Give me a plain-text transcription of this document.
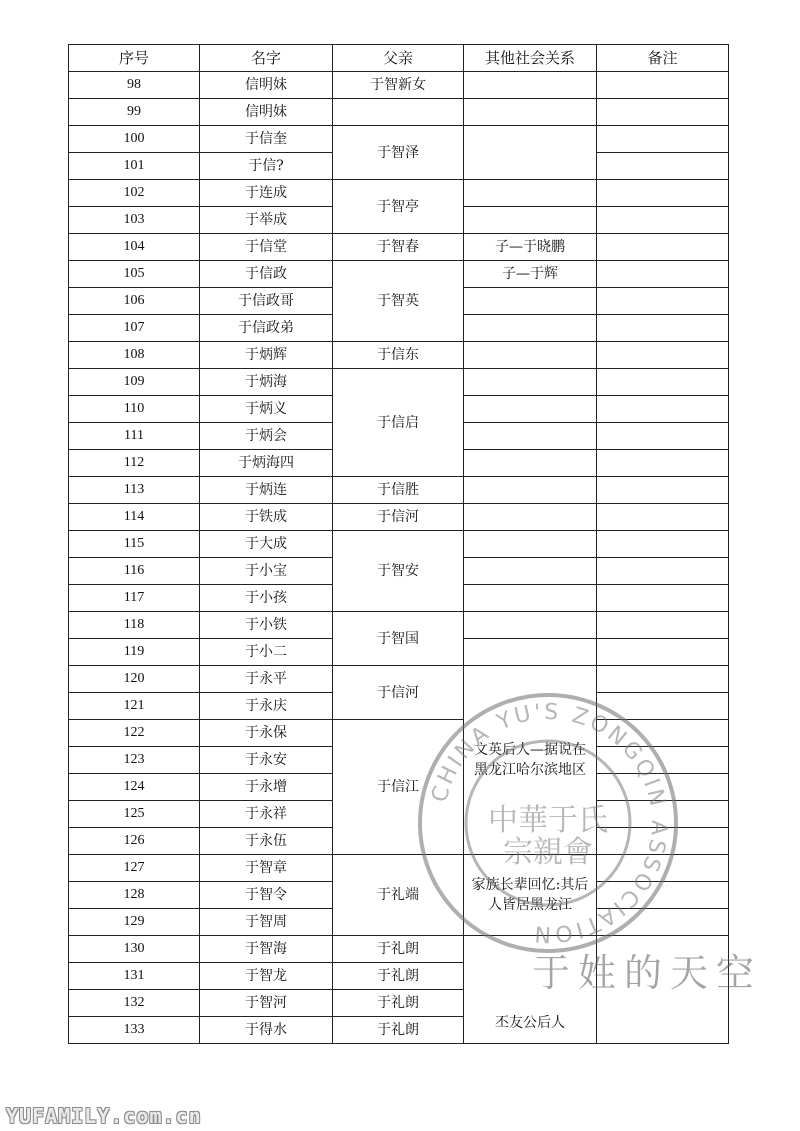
序号	名字	父亲	其他社会关系	备注
98	信明妹	于智新女		
99	信明妹			
100	于信奎	于智泽		
101	于信?			
102	于连成	于智亭		
103	于举成			
104	于信堂	于智春	子—于晓鹏	
105	于信政	于智英	子—于辉	
106	于信政哥			
107	于信政弟			
108	于炳辉	于信东		
109	于炳海	于信启		
110	于炳义			
111	于炳会			
112	于炳海四			
113	于炳连	于信胜		
114	于铁成	于信河		
115	于大成	于智安		
116	于小宝			
117	于小孩			
118	于小铁	于智国		
119	于小二			
120	于永平	于信河	文英后人—据说在黑龙江哈尔滨地区	
121	于永庆			
122	于永保	于信江		
123	于永安			
124	于永增			
125	于永祥			
126	于永伍			
127	于智章	于礼端	家族长辈回忆:其后人皆居黑龙江	
128	于智令			
129	于智周			
130	于智海	于礼朗	丕友公后人	
131	于智龙	于礼朗		
132	于智河	于礼朗		
133	于得水	于礼朗		
CHINA YU'S ZONGQIN ASSOCIATION
中華于氏
宗親會
于姓的天空
YUFAMILY.com.cn
